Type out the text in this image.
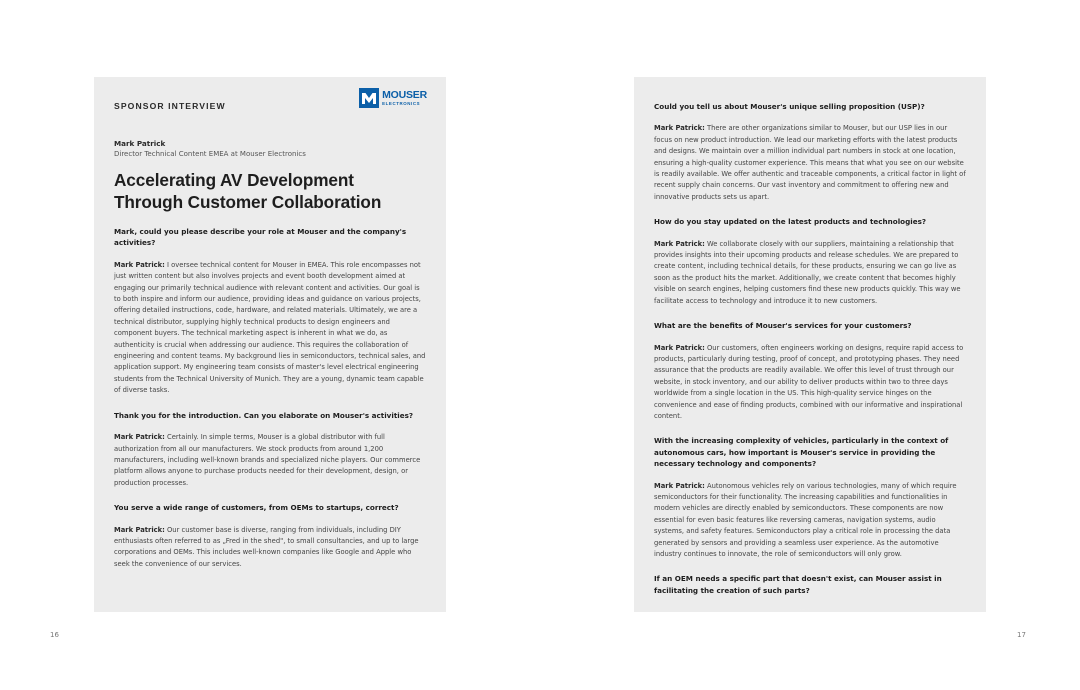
SPONSOR INTERVIEW
MOUSER
ELECTRONICS
Mark Patrick
Director Technical Content EMEA at Mouser Electronics
Accelerating AV Development Through Customer Collaboration

Mark, could you please describe your role at Mouser and the company's activities?

Mark Patrick: I oversee technical content for Mouser in EMEA. This role encompasses not just written content but also involves projects and event booth development aimed at engaging our primarily technical audience with relevant content and activities. Our goal is to both inspire and inform our audience, providing ideas and guidance on various projects, offering detailed instructions, code, hardware, and related materials. Ultimately, we are a technical distributor, supplying highly technical products to design engineers and component buyers. The technical marketing aspect is inherent in what we do, as authenticity is crucial when addressing our audience. This requires the collaboration of engineering and content teams. My background lies in semiconductors, technical sales, and application support. My engineering team consists of master's level electrical engineering students from the Technical University of Munich. They are a young, dynamic team capable of diverse tasks.

Thank you for the introduction. Can you elaborate on Mouser's activities?

Mark Patrick: Certainly. In simple terms, Mouser is a global distributor with full authorization from all our manufacturers. We stock products from around 1,200 manufacturers, including well-known brands and specialized niche players. Our commerce platform allows anyone to purchase products needed for their development, design, or production processes.

You serve a wide range of customers, from OEMs to startups, correct?

Mark Patrick: Our customer base is diverse, ranging from individuals, including DIY enthusiasts often referred to as „Fred in the shed", to small consultancies, and up to large corporations and OEMs. This includes well-known companies like Google and Apple who seek the convenience of our services.

Could you tell us about Mouser's unique selling proposition (USP)?

Mark Patrick: There are other organizations similar to Mouser, but our USP lies in our focus on new product introduction. We lead our marketing efforts with the latest products and designs. We maintain over a million individual part numbers in stock at one location, ensuring a high-quality customer experience. This means that what you see on our website is readily available. We offer authentic and traceable components, a critical factor in light of recent supply chain concerns. Our vast inventory and commitment to offering new and innovative products sets us apart.

How do you stay updated on the latest products and technologies?

Mark Patrick: We collaborate closely with our suppliers, maintaining a relationship that provides insights into their upcoming products and release schedules. We are prepared to create content, including technical details, for these products, ensuring we can go live as soon as the product hits the market. Additionally, we create content that becomes highly visible on search engines, helping customers find these new products quickly. This way we facilitate access to technology and introduce it to new customers.

What are the benefits of Mouser's services for your customers?

Mark Patrick: Our customers, often engineers working on designs, require rapid access to products, particularly during testing, proof of concept, and prototyping phases. They need assurance that the products are readily available. We offer this level of trust through our website, in stock inventory, and our ability to deliver products within two to three days worldwide from a single location in the US. This high-quality service hinges on the convenience and ease of finding products, combined with our informative and inspirational content.

With the increasing complexity of vehicles, particularly in the context of autonomous cars, how important is Mouser's service in providing the necessary technology and components?

Mark Patrick: Autonomous vehicles rely on various technologies, many of which require semiconductors for their functionality. The increasing capabilities and functionalities in modern vehicles are directly enabled by semiconductors. These components are now essential for even basic features like reversing cameras, navigation systems, audio systems, and safety features. Semiconductors play a critical role in processing the data generated by sensors and providing a seamless user experience. As the automotive industry continues to innovate, the role of semiconductors will only grow.

If an OEM needs a specific part that doesn't exist, can Mouser assist in facilitating the creation of such parts?

16	17
